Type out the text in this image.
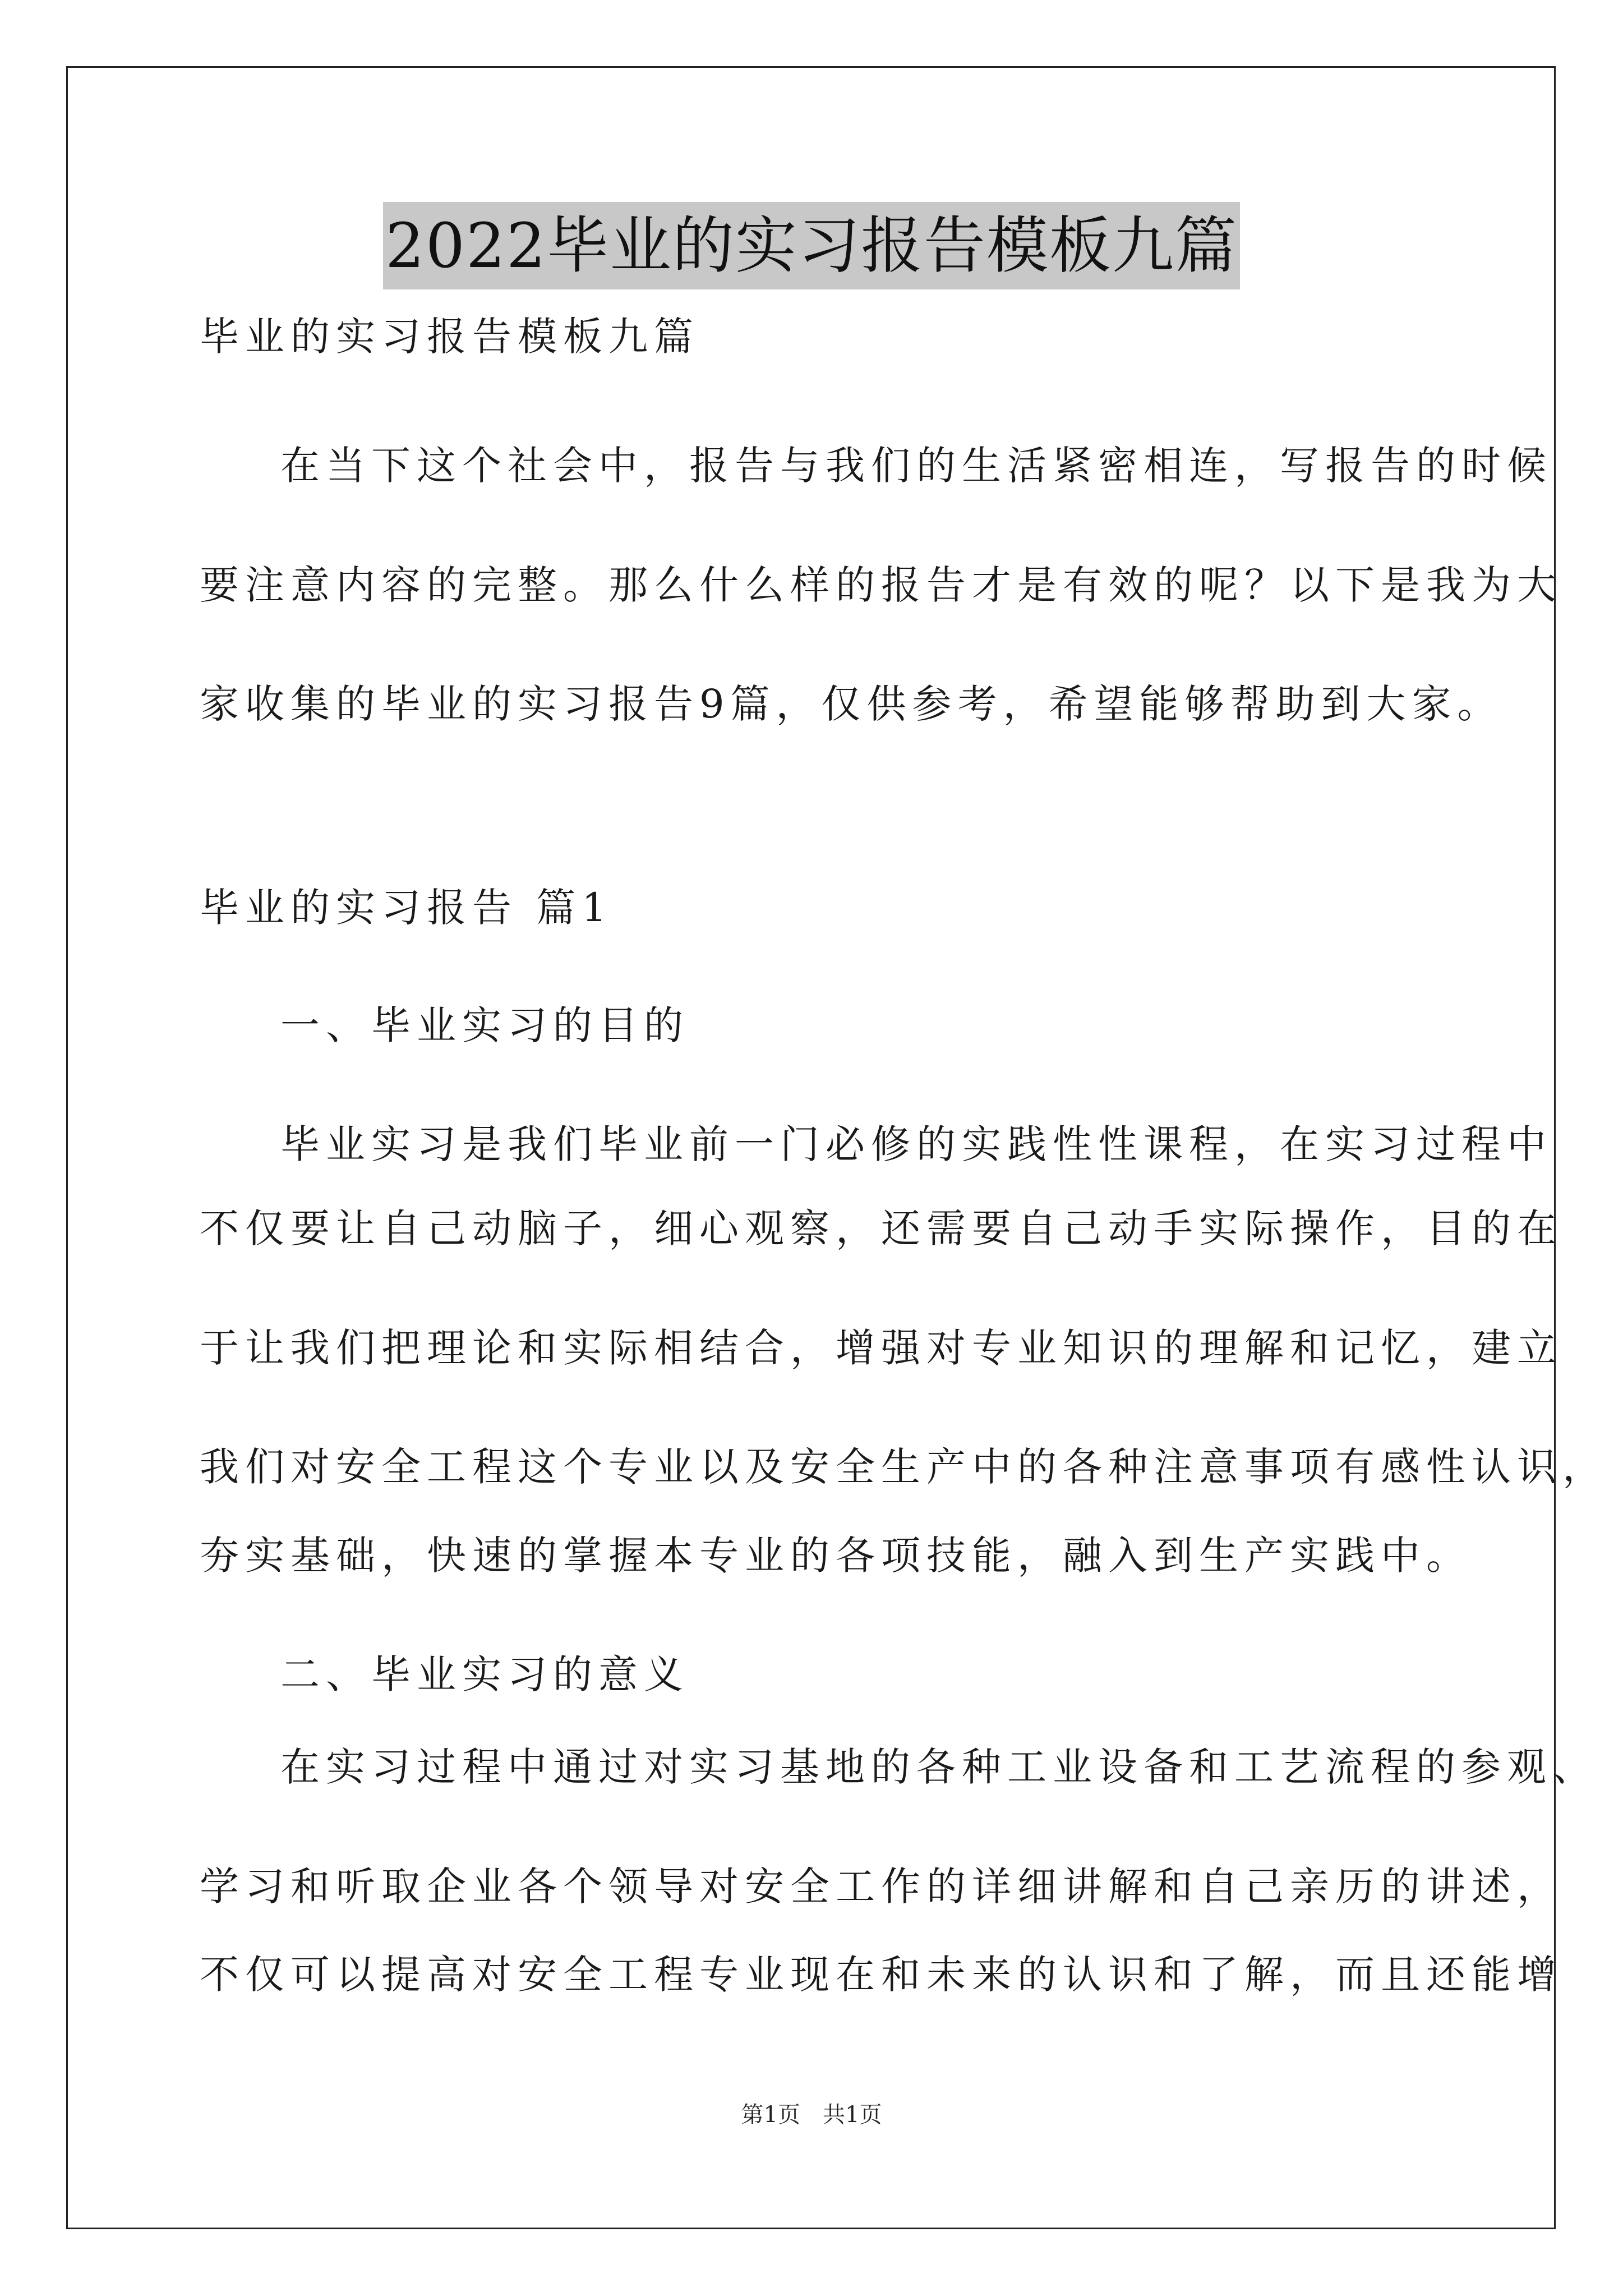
2022毕业的实习报告模板九篇
毕业的实习报告模板九篇
在当下这个社会中，报告与我们的生活紧密相连，写报告的时候
要注意内容的完整。那么什么样的报告才是有效的呢？以下是我为大
家收集的毕业的实习报告9篇，仅供参考，希望能够帮助到大家。
毕业的实习报告 篇1
一、毕业实习的目的
毕业实习是我们毕业前一门必修的实践性性课程，在实习过程中
不仅要让自己动脑子，细心观察，还需要自己动手实际操作，目的在
于让我们把理论和实际相结合，增强对专业知识的理解和记忆，建立
我们对安全工程这个专业以及安全生产中的各种注意事项有感性认识，
夯实基础，快速的掌握本专业的各项技能，融入到生产实践中。
二、毕业实习的意义
在实习过程中通过对实习基地的各种工业设备和工艺流程的参观、
学习和听取企业各个领导对安全工作的详细讲解和自己亲历的讲述，
不仅可以提高对安全工程专业现在和未来的认识和了解，而且还能增
第1页　共1页
